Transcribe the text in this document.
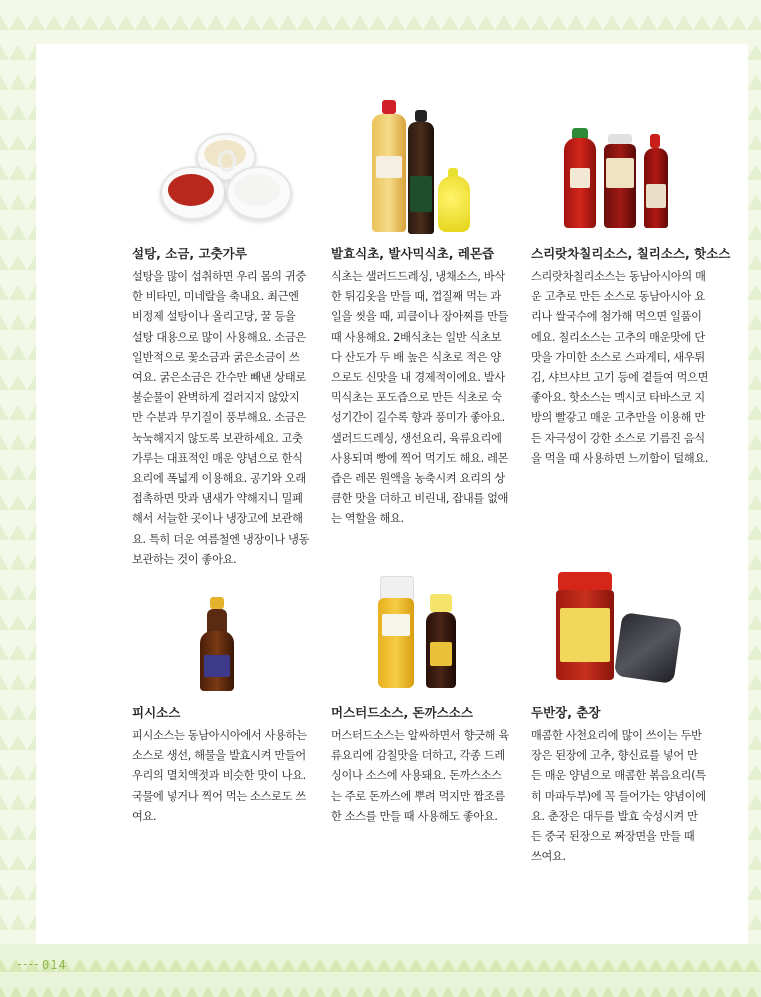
014
설탕, 소금, 고춧가루
설탕을 많이 섭취하면 우리 몸의 귀중
한 비타민, 미네랄을 축내요. 최근엔
비정제 설탕이나 올리고당, 꿀 등을
설탕 대용으로 많이 사용해요. 소금은
일반적으로 꽃소금과 굵은소금이 쓰
여요. 굵은소금은 간수만 빼낸 상태로
불순물이 완벽하게 걸러지지 않았지
만 수분과 무기질이 풍부해요. 소금은
눅눅해지지 않도록 보관하세요. 고춧
가루는 대표적인 매운 양념으로 한식
요리에 폭넓게 이용해요. 공기와 오래
접촉하면 맛과 냄새가 약해지니 밀폐
해서 서늘한 곳이나 냉장고에 보관해
요. 특히 더운 여름철엔 냉장이나 냉동
보관하는 것이 좋아요.
발효식초, 발사믹식초, 레몬즙
식초는 샐러드드레싱, 냉채소스, 바삭
한 튀김옷을 만들 때, 껍질째 먹는 과
일을 씻을 때, 피클이나 장아찌를 만들
때 사용해요. 2배식초는 일반 식초보
다 산도가 두 배 높은 식초로 적은 양
으로도 신맛을 내 경제적이에요. 발사
믹식초는 포도즙으로 만든 식초로 숙
성기간이 길수록 향과 풍미가 좋아요.
샐러드드레싱, 생선요리, 육류요리에
사용되며 빵에 찍어 먹기도 해요. 레몬
즙은 레몬 원액을 농축시켜 요리의 상
큼한 맛을 더하고 비린내, 잡내를 없애
는 역할을 해요.
스리랏차칠리소스, 칠리소스, 핫소스
스리랏차칠리소스는 동남아시아의 매
운 고추로 만든 소스로 동남아시아 요
리나 쌀국수에 첨가해 먹으면 일품이
에요. 칠리소스는 고추의 매운맛에 단
맛을 가미한 소스로 스파게티, 새우튀
김, 샤브샤브 고기 등에 곁들여 먹으면
좋아요. 핫소스는 멕시코 타바스코 지
방의 빨갛고 매운 고추만을 이용해 만
든 자극성이 강한 소스로 기름진 음식
을 먹을 때 사용하면 느끼함이 덜해요.
피시소스
피시소스는 동남아시아에서 사용하는
소스로 생선, 해물을 발효시켜 만들어
우리의 멸치액젓과 비슷한 맛이 나요.
국물에 넣거나 찍어 먹는 소스로도 쓰
여요.
머스터드소스, 돈까스소스
머스터드소스는 알싸하면서 향긋해 육
류요리에 감칠맛을 더하고, 각종 드레
싱이나 소스에 사용돼요. 돈까스소스
는 주로 돈까스에 뿌려 먹지만 짭조름
한 소스를 만들 때 사용해도 좋아요.
두반장, 춘장
매콤한 사천요리에 많이 쓰이는 두반
장은 된장에 고추, 향신료를 넣어 만
든 매운 양념으로 매콤한 볶음요리(특
히 마파두부)에 꼭 들어가는 양념이에
요. 춘장은 대두를 발효 숙성시켜 만
든 중국 된장으로 짜장면을 만들 때
쓰여요.
